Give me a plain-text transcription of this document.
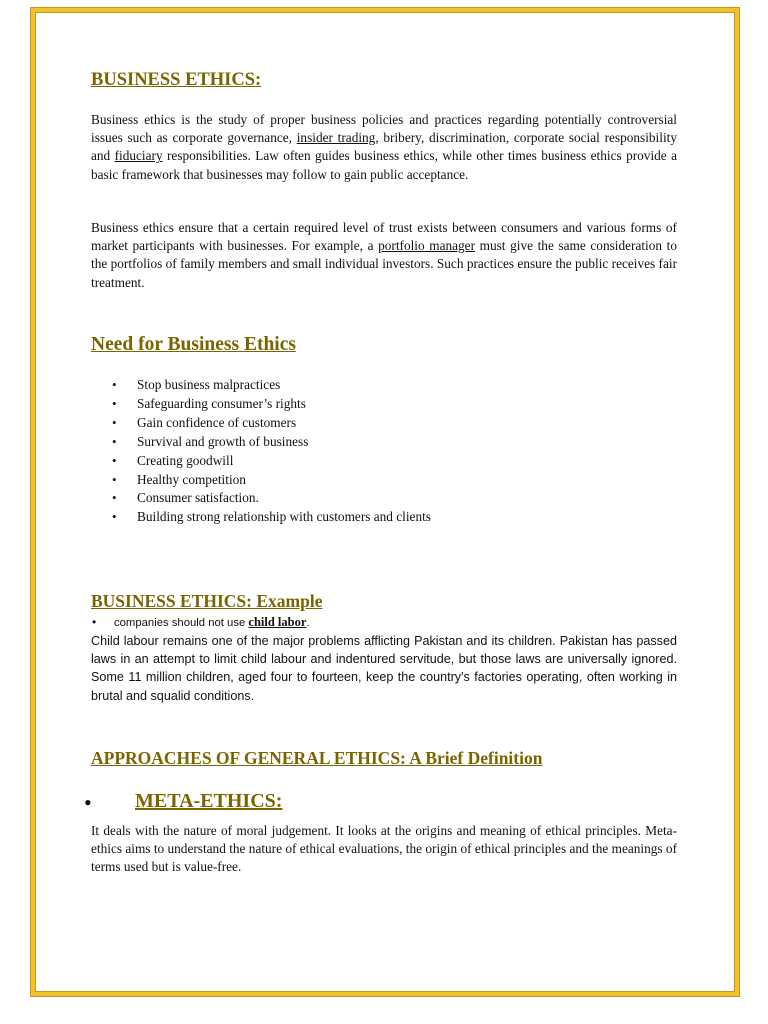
BUSINESS ETHICS:

Business ethics is the study of proper business policies and practices regarding potentially controversial issues such as corporate governance, insider trading, bribery, discrimination, corporate social responsibility and fiduciary responsibilities. Law often guides business ethics, while other times business ethics provide a basic framework that businesses may follow to gain public acceptance.

Business ethics ensure that a certain required level of trust exists between consumers and various forms of market participants with businesses. For example, a portfolio manager must give the same consideration to the portfolios of family members and small individual investors. Such practices ensure the public receives fair treatment.

Need for Business Ethics
• Stop business malpractices
• Safeguarding consumer’s rights
• Gain confidence of customers
• Survival and growth of business
• Creating goodwill
• Healthy competition
• Consumer satisfaction.
• Building strong relationship with customers and clients
BUSINESS ETHICS: Example
• companies should not use child labor.

Child labour remains one of the major problems afflicting Pakistan and its children. Pakistan has passed laws in an attempt to limit child labour and indentured servitude, but those laws are universally ignored. Some 11 million children, aged four to fourteen, keep the country's factories operating, often working in brutal and squalid conditions.

APPROACHES OF GENERAL ETHICS: A Brief Definition
• META-ETHICS:

It deals with the nature of moral judgement. It looks at the origins and meaning of ethical principles. Meta-ethics aims to understand the nature of ethical evaluations, the origin of ethical principles and the meanings of terms used but is value-free.
